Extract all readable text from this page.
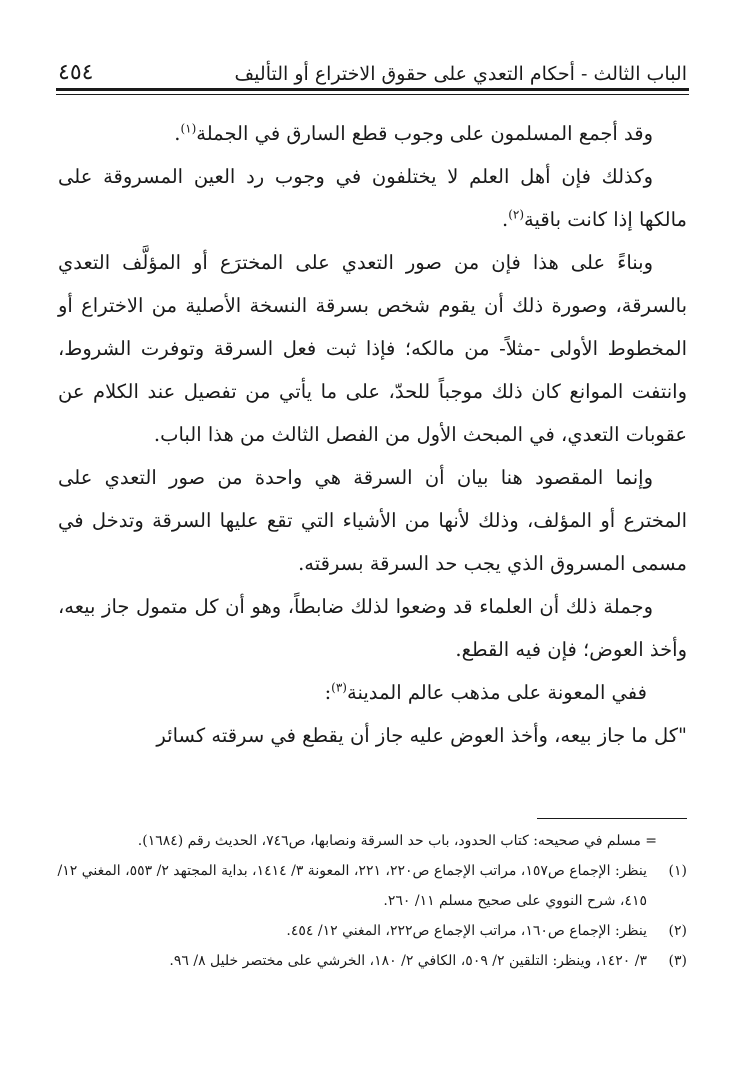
الباب الثالث - أحكام التعدي على حقوق الاختراع أو التأليف
٤٥٤

وقد أجمع المسلمون على وجوب قطع السارق في الجملة$^{(١)}$.

وكذلك فإن أهل العلم لا يختلفون في وجوب رد العين المسروقة على مالكها إذا كانت باقية$^{(٢)}$.

وبناءً على هذا فإن من صور التعدي على المخترَع أو المؤلَّف التعدي بالسرقة، وصورة ذلك أن يقوم شخص بسرقة النسخة الأصلية من الاختراع أو المخطوط الأولى -مثلاً- من مالكه؛ فإذا ثبت فعل السرقة وتوفرت الشروط، وانتفت الموانع كان ذلك موجباً للحدّ، على ما يأتي من تفصيل عند الكلام عن عقوبات التعدي، في المبحث الأول من الفصل الثالث من هذا الباب.

وإنما المقصود هنا بيان أن السرقة هي واحدة من صور التعدي على المخترع أو المؤلف، وذلك لأنها من الأشياء التي تقع عليها السرقة وتدخل في مسمى المسروق الذي يجب حد السرقة بسرقته.

وجملة ذلك أن العلماء قد وضعوا لذلك ضابطاً، وهو أن كل متمول جاز بيعه، وأخذ العوض؛ فإن فيه القطع.

ففي المعونة على مذهب عالم المدينة$^{(٣)}$:

"كل ما جاز بيعه، وأخذ العوض عليه جاز أن يقطع في سرقته كسائر

= مسلم في صحيحه: كتاب الحدود، باب حد السرقة ونصابها، ص٧٤٦، الحديث رقم (١٦٨٤).
(١)
ينظر: الإجماع ص١٥٧، مراتب الإجماع ص٢٢٠، ٢٢١، المعونة ٣/ ١٤١٤، بداية المجتهد ٢/ ٥٥٣، المغني ١٢/ ٤١٥، شرح النووي على صحيح مسلم ١١/ ٢٦٠.
(٢)
ينظر: الإجماع ص١٦٠، مراتب الإجماع ص٢٢٢، المغني ١٢/ ٤٥٤.
(٣)
٣/ ١٤٢٠، وينظر: التلقين ٢/ ٥٠٩، الكافي ٢/ ١٨٠، الخرشي على مختصر خليل ٨/ ٩٦.
